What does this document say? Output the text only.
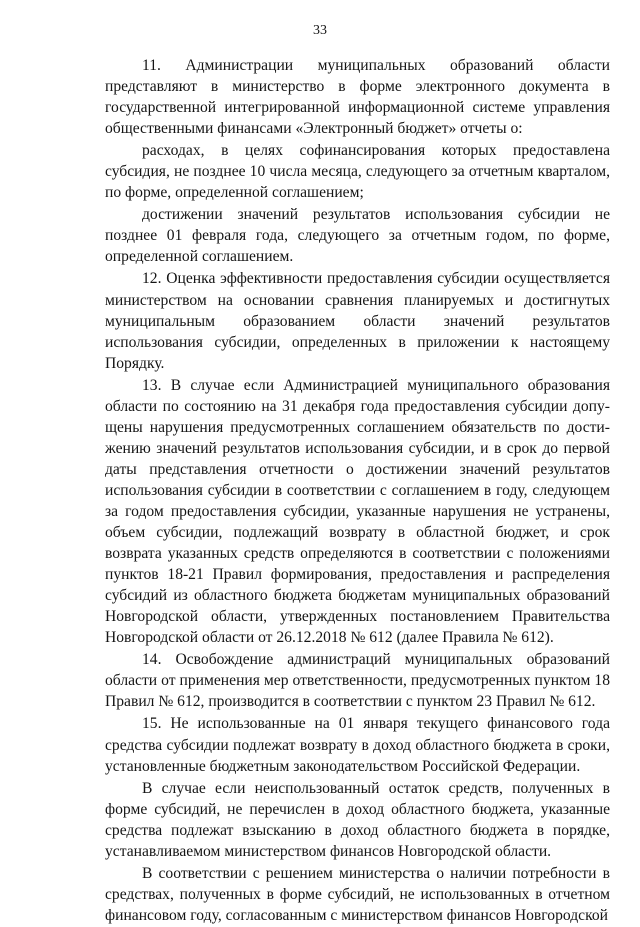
33

11. Администрации муниципальных образований области представляют в министерство в форме электронного документа в государственной интегрированной информационной системе управления общественными финансами «Электронный бюджет» отчеты о:

расходах, в целях софинансирования которых предоставлена субсидия, не позднее 10 числа месяца, следующего за отчетным кварталом, по форме, определенной соглашением;

достижении значений результатов использования субсидии не позднее 01 февраля года, следующего за отчетным годом, по форме, определенной соглашением.

12. Оценка эффективности предоставления субсидии осуществляется министерством на основании сравнения планируемых и достигнутых муниципальным образованием области значений результатов использования субсидии, определенных в приложении к настоящему Порядку.

13. В случае если Администрацией муниципального образования области по состоянию на 31 декабря года предоставления субсидии допущены нарушения предусмотренных соглашением обязательств по достижению значений результатов использования субсидии, и в срок до первой даты представления отчетности о достижении значений результатов использования субсидии в соответствии с соглашением в году, следующем за годом предоставления субсидии, указанные нарушения не устранены, объем субсидии, подлежащий возврату в областной бюджет, и срок возврата указанных средств определяются в соответствии с положениями пунктов 18-21 Правил формирования, предоставления и распределения субсидий из областного бюджета бюджетам муниципальных образований Новгородской области, утвержденных постановлением Правительства Новгородской области от 26.12.2018 № 612 (далее Правила № 612).

14. Освобождение администраций муниципальных образований области от применения мер ответственности, предусмотренных пунктом 18 Правил № 612, производится в соответствии с пунктом 23 Правил № 612.

15. Не использованные на 01 января текущего финансового года средства субсидии подлежат возврату в доход областного бюджета в сроки, установленные бюджетным законодательством Российской Федерации.

В случае если неиспользованный остаток средств, полученных в форме субсидий, не перечислен в доход областного бюджета, указанные средства подлежат взысканию в доход областного бюджета в порядке, устанавливаемом министерством финансов Новгородской области.

В соответствии с решением министерства о наличии потребности в средствах, полученных в форме субсидий, не использованных в отчетном финансовом году, согласованным с министерством финансов Новгородской
